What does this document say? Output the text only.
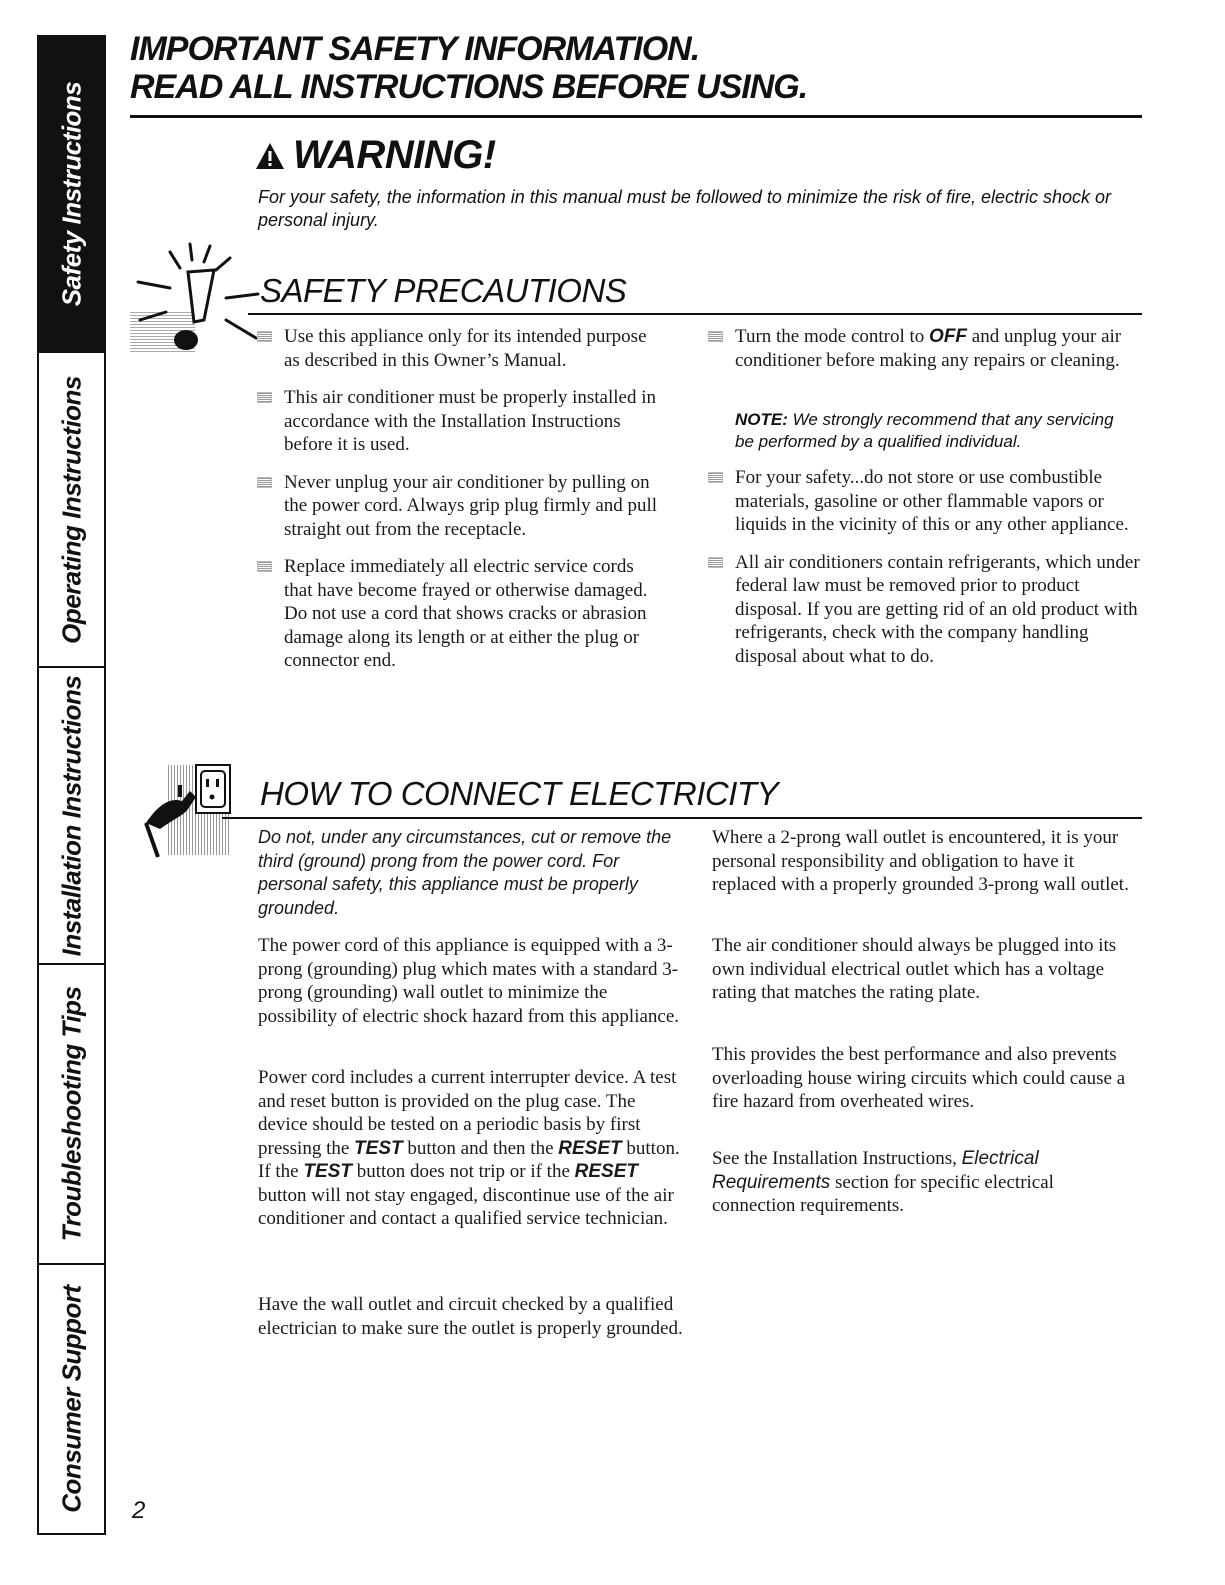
Safety Instructions
Operating Instructions
Installation Instructions
Troubleshooting Tips
Consumer Support
IMPORTANT SAFETY INFORMATION.
READ ALL INSTRUCTIONS BEFORE USING.
WARNING!

For your safety, the information in this manual must be followed to minimize the risk of fire, electric shock or personal injury.

SAFETY PRECAUTIONS
Use this appliance only for its intended purpose as described in this Owner’s Manual.
This air conditioner must be properly installed in accordance with the Installation Instructions before it is used.
Never unplug your air conditioner by pulling on the power cord. Always grip plug firmly and pull straight out from the receptacle.
Replace immediately all electric service cords that have become frayed or otherwise damaged. Do not use a cord that shows cracks or abrasion damage along its length or at either the plug or connector end.
Turn the mode control to OFF and unplug your air conditioner before making any repairs or cleaning.

NOTE: We strongly recommend that any servicing be performed by a qualified individual.

For your safety...do not store or use combustible materials, gasoline or other flammable vapors or liquids in the vicinity of this or any other appliance.
All air conditioners contain refrigerants, which under federal law must be removed prior to product disposal. If you are getting rid of an old product with refrigerants, check with the company handling disposal about what to do.
HOW TO CONNECT ELECTRICITY

Do not, under any circumstances, cut or remove the third (ground) prong from the power cord. For personal safety, this appliance must be properly grounded.

The power cord of this appliance is equipped with a 3-prong (grounding) plug which mates with a standard 3-prong (grounding) wall outlet to minimize the possibility of electric shock hazard from this appliance.

Power cord includes a current interrupter device. A test and reset button is provided on the plug case. The device should be tested on a periodic basis by first pressing the TEST button and then the RESET button. If the TEST button does not trip or if the RESET button will not stay engaged, discontinue use of the air conditioner and contact a qualified service technician.

Have the wall outlet and circuit checked by a qualified electrician to make sure the outlet is properly grounded.

Where a 2-prong wall outlet is encountered, it is your personal responsibility and obligation to have it replaced with a properly grounded 3-prong wall outlet.

The air conditioner should always be plugged into its own individual electrical outlet which has a voltage rating that matches the rating plate.

This provides the best performance and also prevents overloading house wiring circuits which could cause a fire hazard from overheated wires.

See the Installation Instructions, Electrical Requirements section for specific electrical connection requirements.

2
